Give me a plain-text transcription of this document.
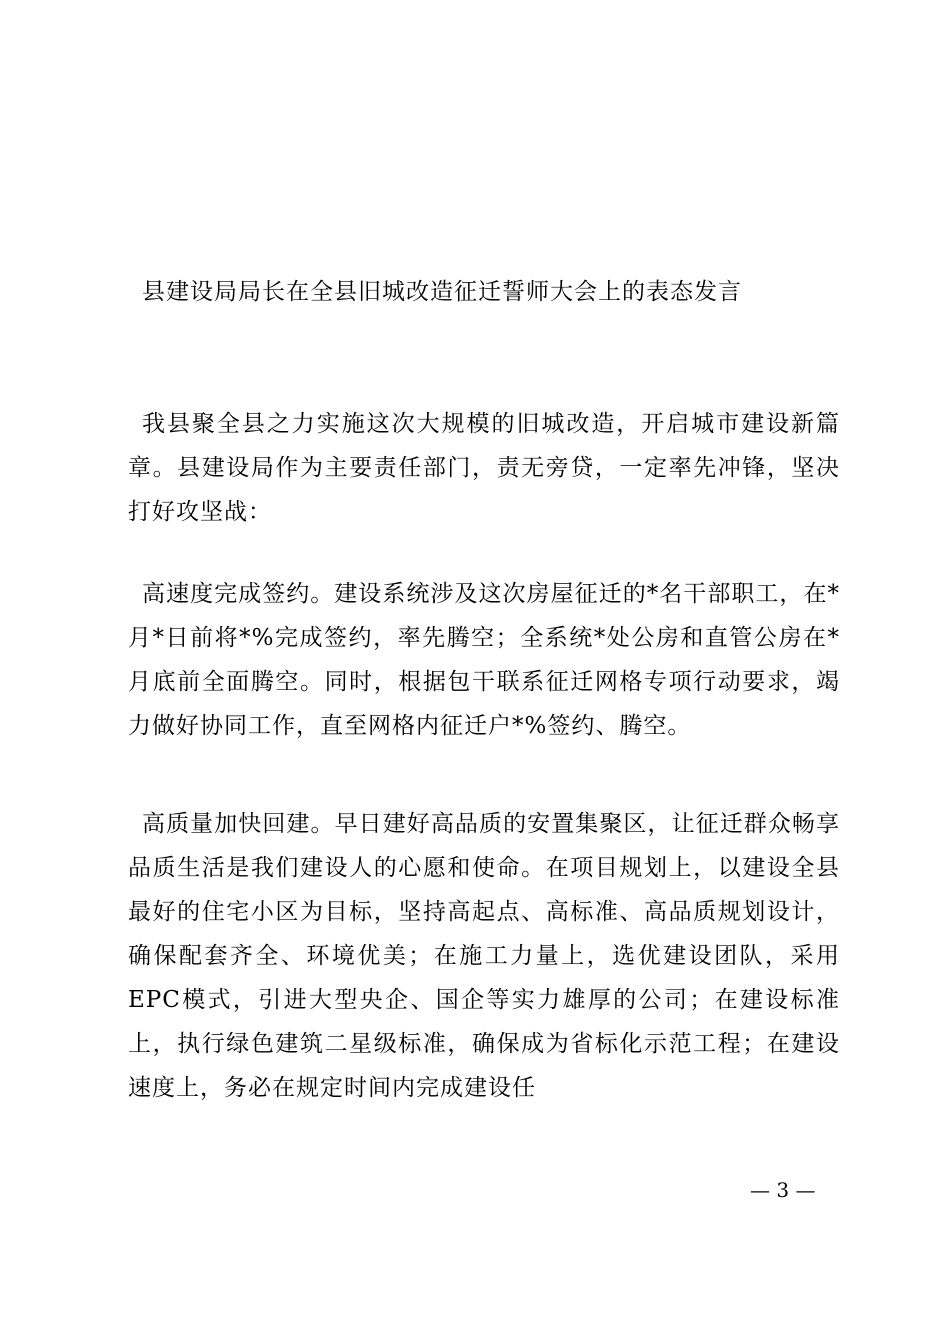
县建设局局长在全县旧城改造征迁誓师大会上的表态发言

我县聚全县之力实施这次大规模的旧城改造，开启城市建设新篇章。县建设局作为主要责任部门，责无旁贷，一定率先冲锋，坚决打好攻坚战：

高速度完成签约。建设系统涉及这次房屋征迁的*名干部职工，在*月*日前将*%完成签约，率先腾空；全系统*处公房和直管公房在*月底前全面腾空。同时，根据包干联系征迁网格专项行动要求，竭力做好协同工作，直至网格内征迁户*%签约、腾空。

高质量加快回建。早日建好高品质的安置集聚区，让征迁群众畅享品质生活是我们建设人的心愿和使命。在项目规划上，以建设全县最好的住宅小区为目标，坚持高起点、高标准、高品质规划设计，确保配套齐全、环境优美；在施工力量上，选优建设团队，采用EPC模式，引进大型央企、国企等实力雄厚的公司；在建设标准上，执行绿色建筑二星级标准，确保成为省标化示范工程；在建设速度上，务必在规定时间内完成建设任

— 3 —
